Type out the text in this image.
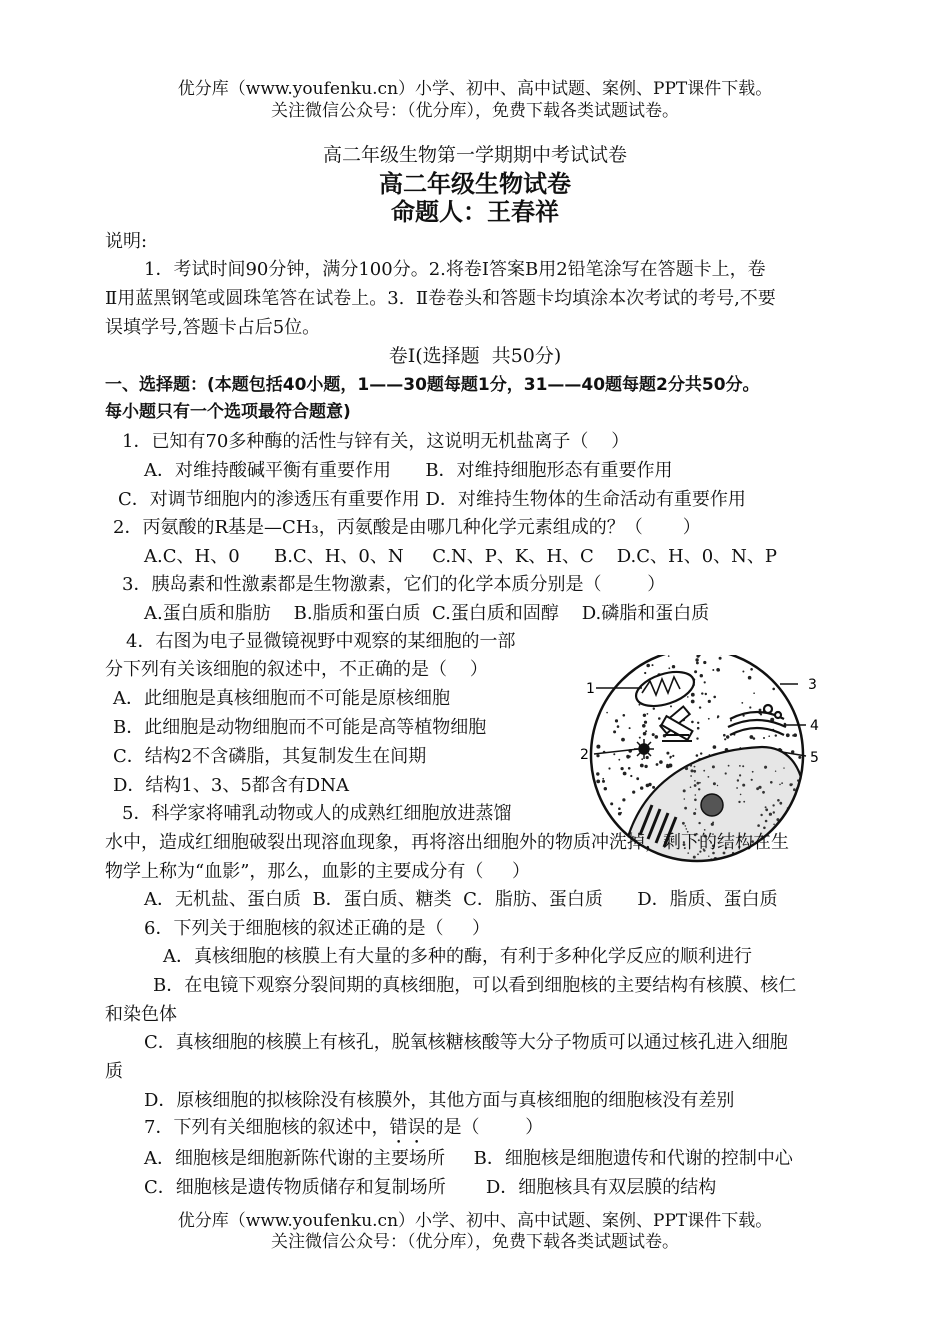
优分库（www.youfenku.cn）小学、初中、高中试题、案例、PPT课件下载。
关注微信公众号：（优分库），免费下载各类试题试卷。
高二年级生物第一学期期中考试试卷
高二年级生物试卷
命题人：王春祥
说明:
1．考试时间90分钟，满分100分。2.将卷Ⅰ答案B用2铅笔涂写在答题卡上，卷
Ⅱ用蓝黑钢笔或圆珠笔答在试卷上。3.  Ⅱ卷卷头和答题卡均填涂本次考试的考号,不要
误填学号,答题卡占后5位。
卷Ⅰ(选择题  共50分)
一、选择题：(本题包括40小题，1——30题每题1分，31——40题每题2分共50分。
每小题只有一个选项最符合题意)
1．已知有70多种酶的活性与锌有关，这说明无机盐离子（    ）
A．对维持酸碱平衡有重要作用      B．对维持细胞形态有重要作用
C．对调节细胞内的渗透压有重要作用 D．对维持生物体的生命活动有重要作用
2．丙氨酸的R基是—CH₃，丙氨酸是由哪几种化学元素组成的？（       ）
A.C、H、0      B.C、H、0、N     C.N、P、K、H、C    D.C、H、0、N、P
3．胰岛素和性激素都是生物激素，它们的化学本质分别是（        ）
A.蛋白质和脂肪    B.脂质和蛋白质  C.蛋白质和固醇    D.磷脂和蛋白质
4．右图为电子显微镜视野中观察的某细胞的一部
分下列有关该细胞的叙述中，不正确的是（    ）
A．此细胞是真核细胞而不可能是原核细胞
B．此细胞是动物细胞而不可能是高等植物细胞
C．结构2不含磷脂，其复制发生在间期
D．结构1、3、5都含有DNA
1
2
3
4
5
5．科学家将哺乳动物或人的成熟红细胞放进蒸馏
水中，造成红细胞破裂出现溶血现象，再将溶出细胞外的物质冲洗掉，剩下的结构在生
物学上称为“血影”，那么，血影的主要成分有（     ）
A．无机盐、蛋白质  B．蛋白质、糖类  C．脂肪、蛋白质      D．脂质、蛋白质
6．下列关于细胞核的叙述正确的是（     ）
A．真核细胞的核膜上有大量的多种的酶，有利于多种化学反应的顺利进行
B．在电镜下观察分裂间期的真核细胞，可以看到细胞核的主要结构有核膜、核仁
和染色体
C．真核细胞的核膜上有核孔，脱氧核糖核酸等大分子物质可以通过核孔进入细胞
质
D．原核细胞的拟核除没有核膜外，其他方面与真核细胞的细胞核没有差别
7．下列有关细胞核的叙述中，错误的是（        ）
A．细胞核是细胞新陈代谢的主要场所     B．细胞核是细胞遗传和代谢的控制中心
C．细胞核是遗传物质储存和复制场所       D．细胞核具有双层膜的结构
优分库（www.youfenku.cn）小学、初中、高中试题、案例、PPT课件下载。
关注微信公众号：（优分库），免费下载各类试题试卷。
